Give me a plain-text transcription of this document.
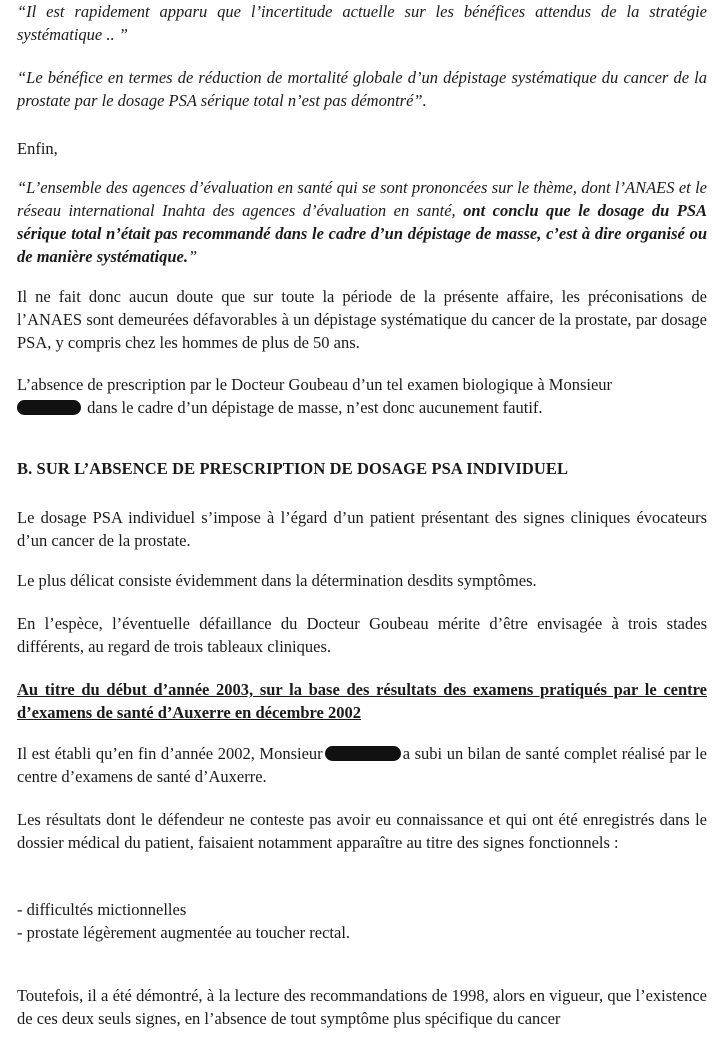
“Il est rapidement apparu que l’incertitude actuelle sur les bénéfices attendus de la stratégie systématique .. ”

“Le bénéfice en termes de réduction de mortalité globale d’un dépistage systématique du cancer de la prostate par le dosage PSA sérique total n’est pas démontré”.

Enfin,

“L’ensemble des agences d’évaluation en santé qui se sont prononcées sur le thème, dont l’ANAES et le réseau international Inahta des agences d’évaluation en santé, ont conclu que le dosage du PSA sérique total n’était pas recommandé dans le cadre d’un dépistage de masse, c’est à dire organisé ou de manière systématique.”

Il ne fait donc aucun doute que sur toute la période de la présente affaire, les préconisations de l’ANAES sont demeurées défavorables à un dépistage systématique du cancer de la prostate, par dosage PSA, y compris chez les hommes de plus de 50 ans.

L’absence de prescription par le Docteur Goubeau d’un tel examen biologique à Monsieur
dans le cadre d’un dépistage de masse, n’est donc aucunement fautif.

B. SUR L’ABSENCE DE PRESCRIPTION DE DOSAGE PSA INDIVIDUEL

Le dosage PSA individuel s’impose à l’égard d’un patient présentant des signes cliniques évocateurs d’un cancer de la prostate.

Le plus délicat consiste évidemment dans la détermination desdits symptômes.

En l’espèce, l’éventuelle défaillance du Docteur Goubeau mérite d’être envisagée à trois stades différents, au regard de trois tableaux cliniques.

Au titre du début d’année 2003, sur la base des résultats des examens pratiqués par le centre d’examens de santé d’Auxerre en décembre 2002

Il est établi qu’en fin d’année 2002, Monsieur	a subi un bilan de santé complet réalisé par le centre d’examens de santé d’Auxerre.

Les résultats dont le défendeur ne conteste pas avoir eu connaissance et qui ont été enregistrés dans le dossier médical du patient, faisaient notamment apparaître au titre des signes fonctionnels :

- difficultés mictionnelles
- prostate légèrement augmentée au toucher rectal.

Toutefois, il a été démontré, à la lecture des recommandations de 1998, alors en vigueur, que l’existence de ces deux seuls signes, en l’absence de tout symptôme plus spécifique du cancer
